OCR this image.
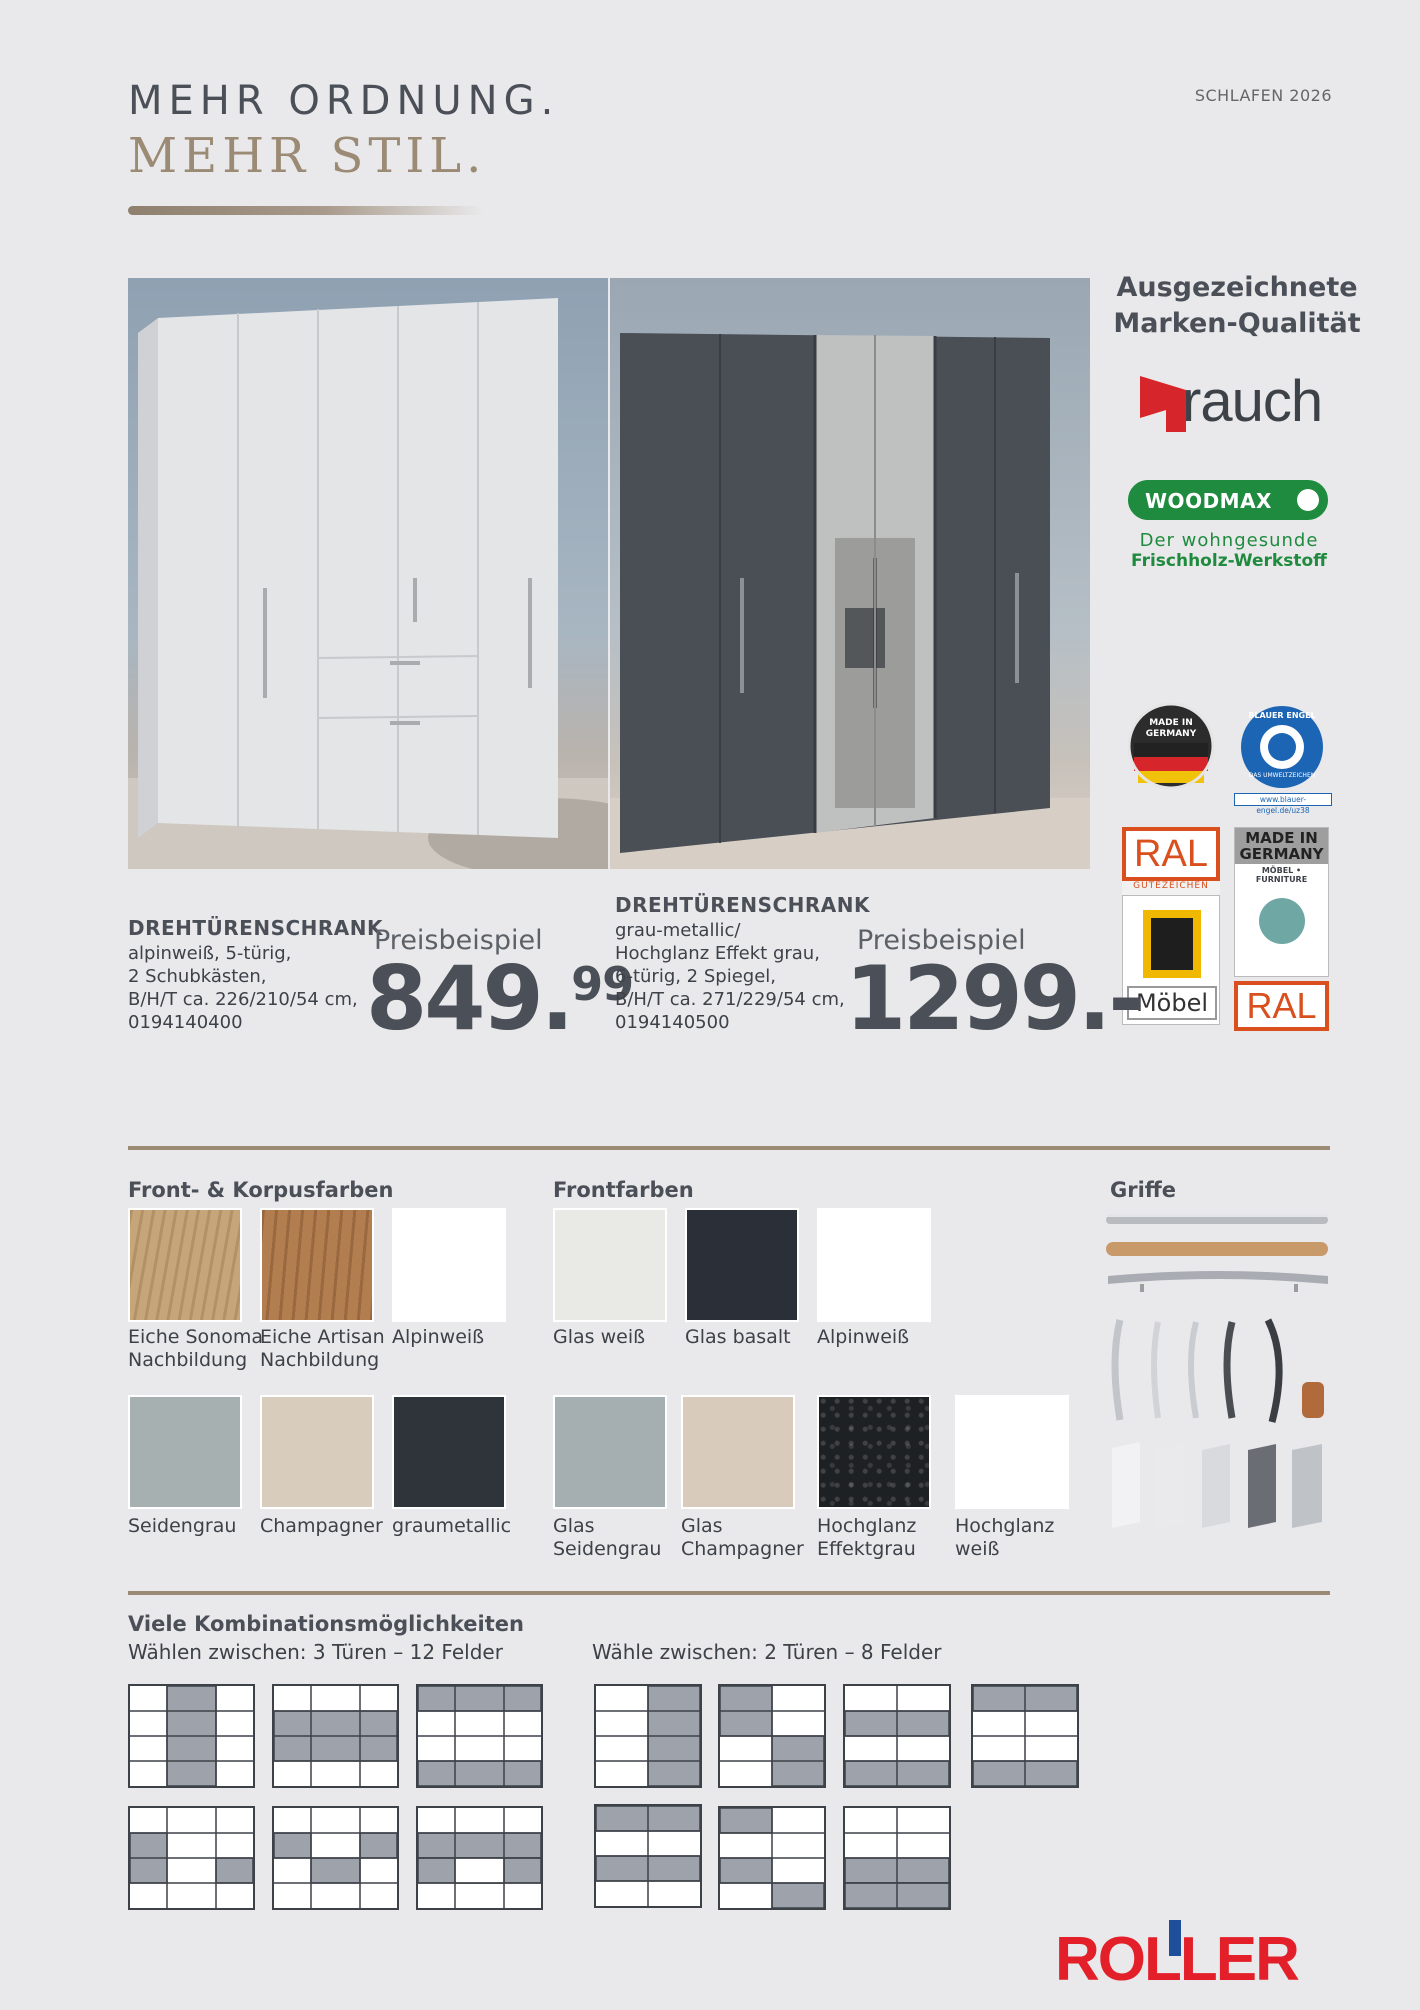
MEHR ORDNUNG.
MEHR STIL.
SCHLAFEN 2026
Ausgezeichnete
Marken-Qualität
rauch
WOODMAX
Der wohngesunde
Frischholz-Werkstoff
MADE IN GERMANY
BLAUER ENGEL
DAS UMWELTZEICHEN
www.blauer-engel.de/uz38
RAL
GÜTEZEICHEN
Möbel
MADE IN GERMANY
MÖBEL • FURNITURE
RAL
DREHTÜRENSCHRANK
alpinweiß, 5-türig,
2 Schubkästen,
B/H/T ca. 226/210/54 cm,
0194140400
Preisbeispiel
849.99
DREHTÜRENSCHRANK
grau-metallic/
Hochglanz Effekt grau,
6-türig, 2 Spiegel,
B/H/T ca. 271/229/54 cm,
0194140500
Preisbeispiel
1299.-
Front- & Korpusfarben	Frontfarben	Griffe
Eiche Sonoma
Nachbildung
Eiche Artisan
Nachbildung
Alpinweiß
Seidengrau Champagner graumetallic
Glas weiß Glas basalt Alpinweiß
Glas
Seidengrau
Glas
Champagner
Hochglanz
Effektgrau
Hochglanz
weiß
Viele Kombinationsmöglichkeiten
Wählen zwischen: 3 Türen – 12 Felder	Wähle zwischen: 2 Türen – 8 Felder
ROLLER
